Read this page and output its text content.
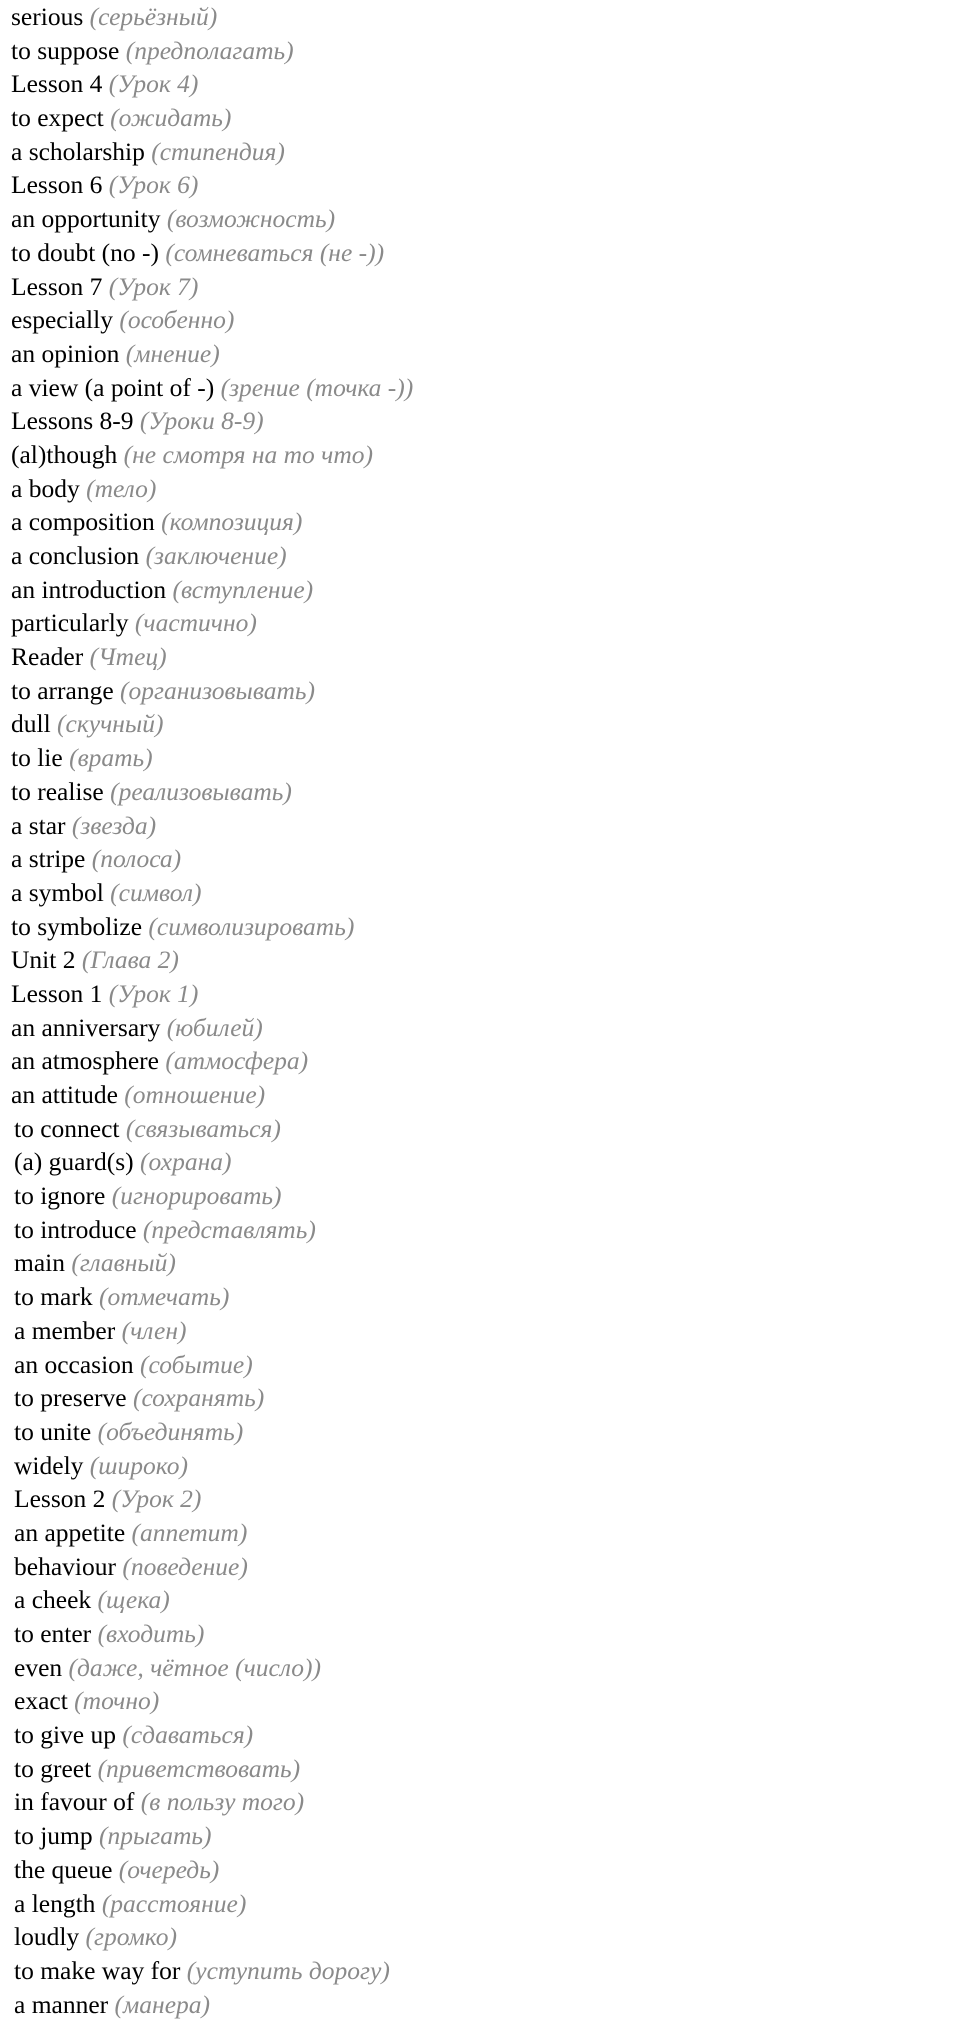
serious (серьёзный)
to suppose (предполагать)
Lesson 4 (Урок 4)
to expect (ожидать)
a scholarship (стипендия)
Lesson 6 (Урок 6)
an opportunity (возможность)
to doubt (no -) (сомневаться (не -))
Lesson 7 (Урок 7)
especially (особенно)
an opinion (мнение)
a view (a point of -) (зрение (точка -))
Lessons 8-9 (Уроки 8-9)
(al)though (не смотря на то что)
a body (тело)
a composition (композиция)
a conclusion (заключение)
an introduction (вступление)
particularly (частично)
Reader (Чтец)
to arrange (организовывать)
dull (скучный)
to lie (врать)
to realise (реализовывать)
a star (звезда)
a stripe (полоса)
a symbol (символ)
to symbolize (символизировать)
Unit 2 (Глава 2)
Lesson 1 (Урок 1)
an anniversary (юбилей)
an atmosphere (атмосфера)
an attitude (отношение)
to connect (связываться)
(a) guard(s) (охрана)
to ignore (игнорировать)
to introduce (представлять)
main (главный)
to mark (отмечать)
a member (член)
an occasion (событие)
to preserve (сохранять)
to unite (объединять)
widely (широко)
Lesson 2 (Урок 2)
an appetite (аппетит)
behaviour (поведение)
a cheek (щека)
to enter (входить)
even (даже, чётное (число))
exact (точно)
to give up (сдаваться)
to greet (приветствовать)
in favour of (в пользу того)
to jump (прыгать)
the queue (очередь)
a length (расстояние)
loudly (громко)
to make way for (уступить дорогу)
a manner (манера)
